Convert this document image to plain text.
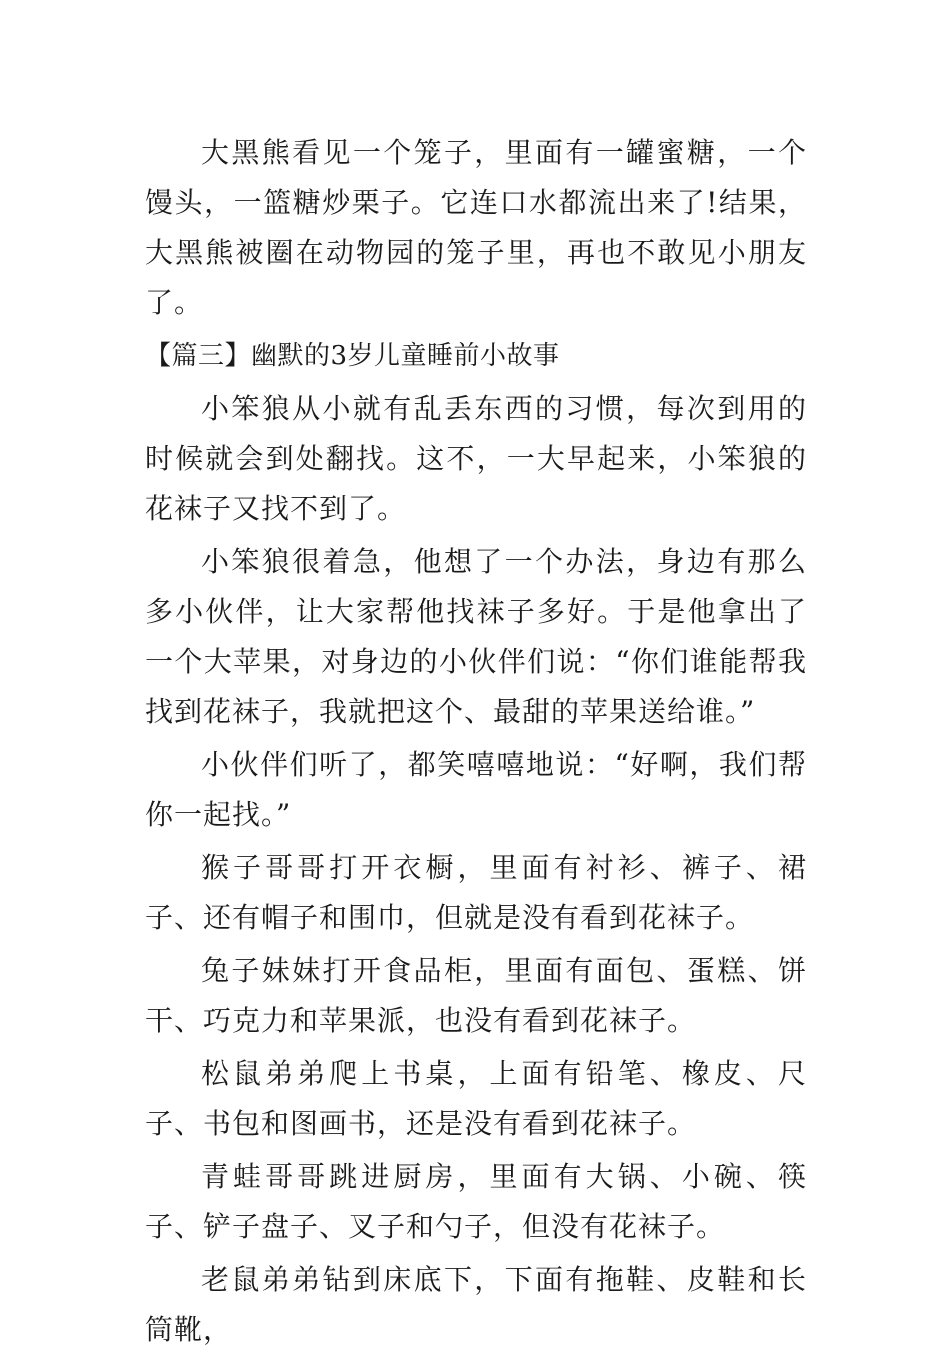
大黑熊看见一个笼子，里面有一罐蜜糖，一个馒头，一篮糖炒栗子。它连口水都流出来了!结果，大黑熊被圈在动物园的笼子里，再也不敢见小朋友了。

【篇三】幽默的3岁儿童睡前小故事

小笨狼从小就有乱丢东西的习惯，每次到用的时候就会到处翻找。这不，一大早起来，小笨狼的花袜子又找不到了。

小笨狼很着急，他想了一个办法，身边有那么多小伙伴，让大家帮他找袜子多好。于是他拿出了一个大苹果，对身边的小伙伴们说：“你们谁能帮我找到花袜子，我就把这个、最甜的苹果送给谁。”

小伙伴们听了，都笑嘻嘻地说：“好啊，我们帮你一起找。”

猴子哥哥打开衣橱，里面有衬衫、裤子、裙子、还有帽子和围巾，但就是没有看到花袜子。

兔子妹妹打开食品柜，里面有面包、蛋糕、饼干、巧克力和苹果派，也没有看到花袜子。

松鼠弟弟爬上书桌，上面有铅笔、橡皮、尺子、书包和图画书，还是没有看到花袜子。

青蛙哥哥跳进厨房，里面有大锅、小碗、筷子、铲子盘子、叉子和勺子，但没有花袜子。

老鼠弟弟钻到床底下，下面有拖鞋、皮鞋和长筒靴，
